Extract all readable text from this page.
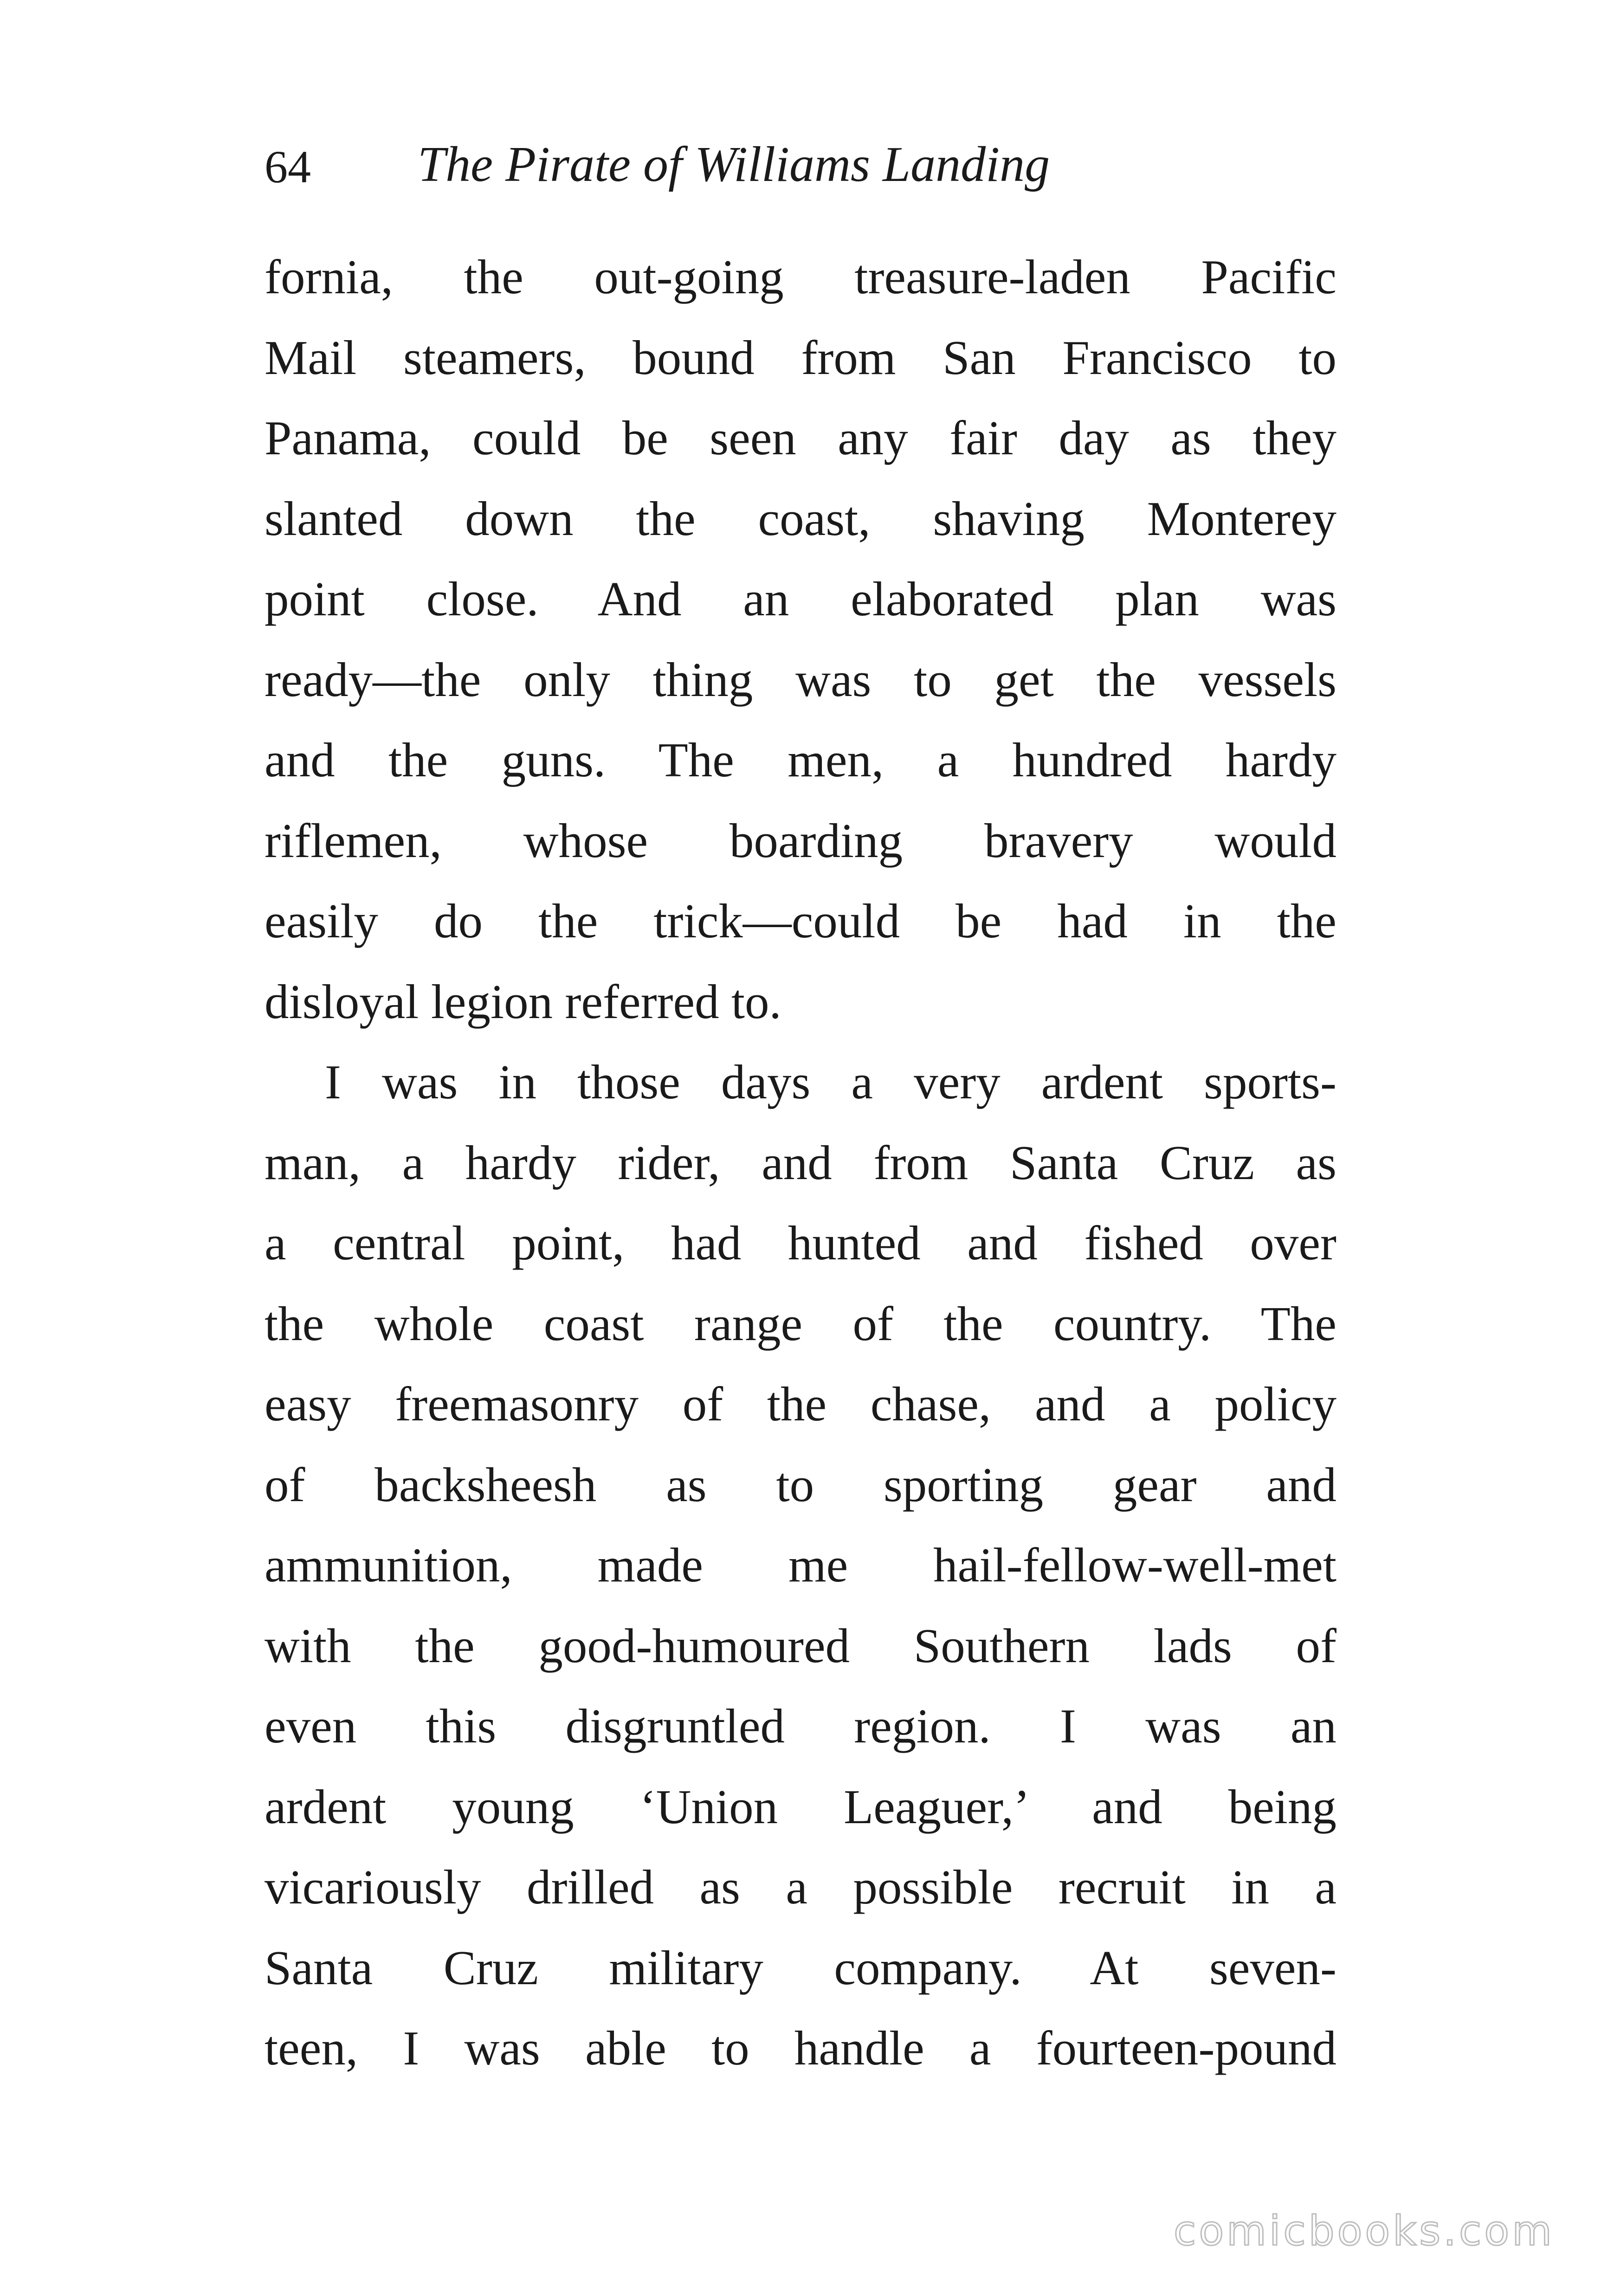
64 The Pirate of Williams Landing
fornia, the out-going treasure-laden Pacific
Mail steamers, bound from San Francisco to
Panama, could be seen any fair day as they
slanted down the coast, shaving Monterey
point close. And an elaborated plan was
ready—the only thing was to get the vessels
and the guns. The men, a hundred hardy
riflemen, whose boarding bravery would
easily do the trick—could be had in the
disloyal legion referred to.
I was in those days a very ardent sports-
man, a hardy rider, and from Santa Cruz as
a central point, had hunted and fished over
the whole coast range of the country. The
easy freemasonry of the chase, and a policy
of backsheesh as to sporting gear and
ammunition, made me hail-fellow-well-met
with the good-humoured Southern lads of
even this disgruntled region. I was an
ardent young ‘Union Leaguer,’ and being
vicariously drilled as a possible recruit in a
Santa Cruz military company. At seven-
teen, I was able to handle a fourteen-pound
comicbooks.com
